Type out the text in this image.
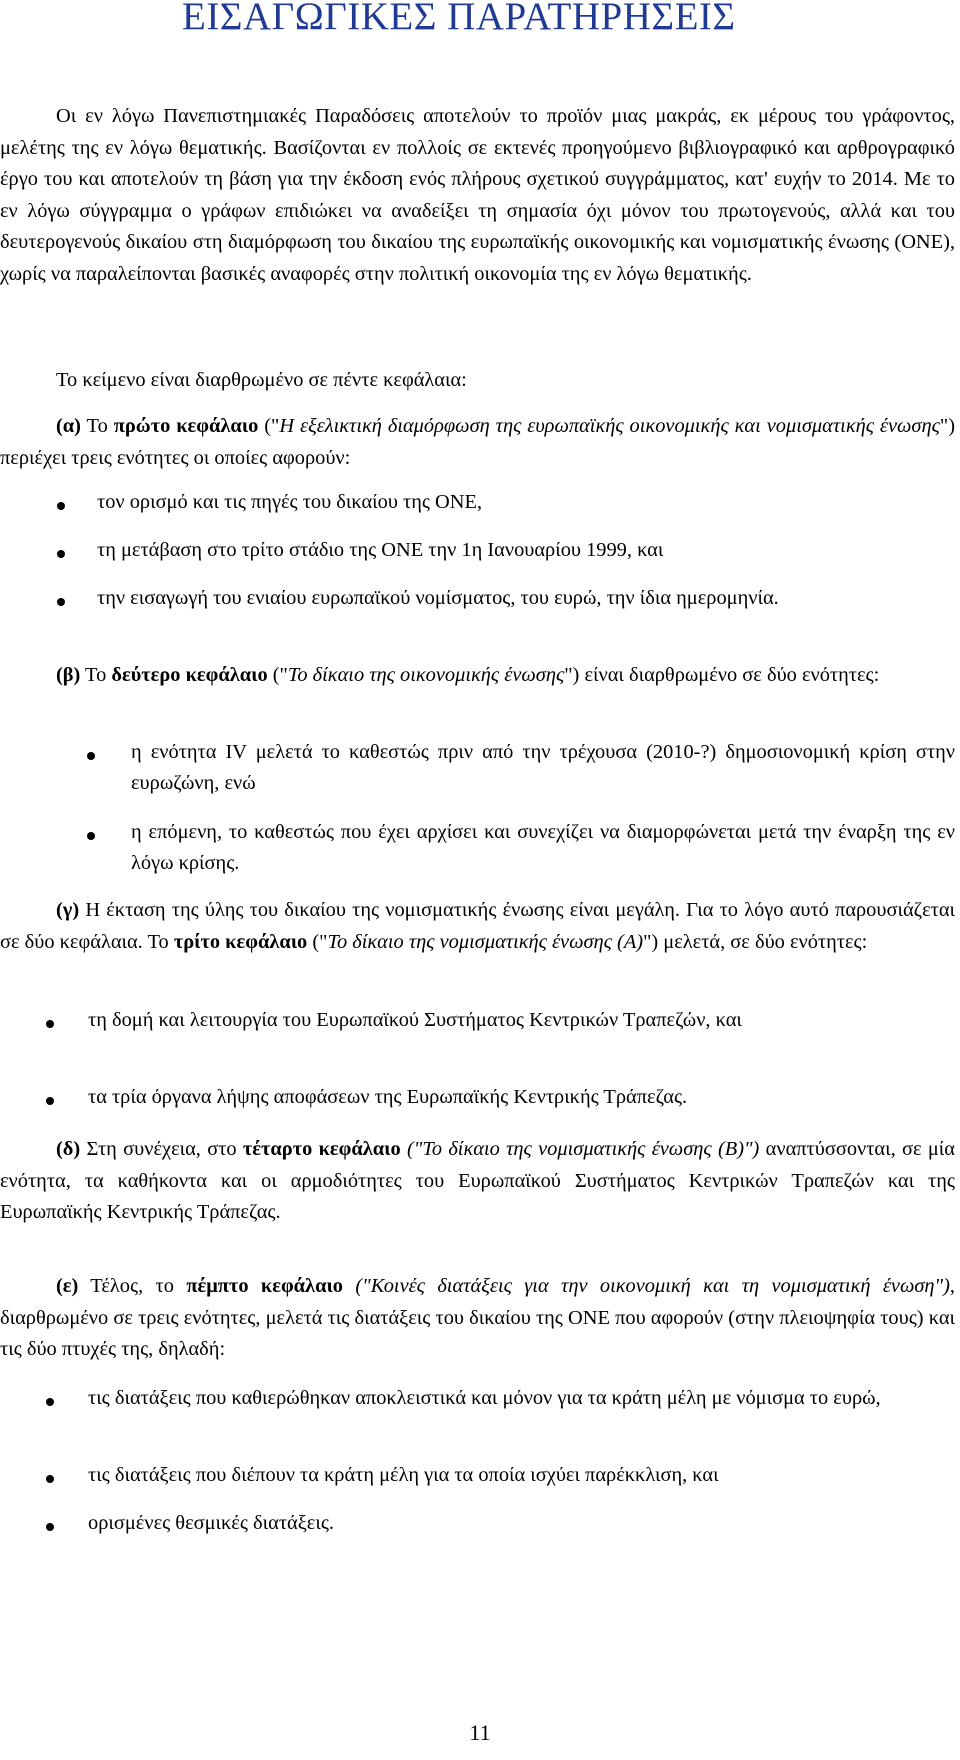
ΕΙΣΑΓΩΓΙΚΕΣ ΠΑΡΑΤΗΡΗΣΕΙΣ

Οι εν λόγω Πανεπιστημιακές Παραδόσεις αποτελούν το προϊόν μιας μακράς, εκ μέρους του γράφοντος, μελέτης της εν λόγω θεματικής. Βασίζονται εν πολλοίς σε εκτενές προηγούμενο βιβλιογραφικό και αρθρογραφικό έργο του και αποτελούν τη βάση για την έκδοση ενός πλήρους σχετικού συγγράμματος, κατ' ευχήν το 2014. Με το εν λόγω σύγγραμμα ο γράφων επιδιώκει να αναδείξει τη σημασία όχι μόνον του πρωτογενούς, αλλά και του δευτερογενούς δικαίου στη διαμόρφωση του δικαίου της ευρωπαϊκής οικονομικής και νομισματικής ένωσης (ΟΝΕ), χωρίς να παραλείπονται βασικές αναφορές στην πολιτική οικονομία της εν λόγω θεματικής.

Το κείμενο είναι διαρθρωμένο σε πέντε κεφάλαια:

(α) Το πρώτο κεφάλαιο ("Η εξελικτική διαμόρφωση της ευρωπαϊκής οικονομικής και νομισματικής ένωσης") περιέχει τρεις ενότητες οι οποίες αφορούν:

τον ορισμό και τις πηγές του δικαίου της ΟΝΕ,

τη μετάβαση στο τρίτο στάδιο της ΟΝΕ την 1η Ιανουαρίου 1999, και

την εισαγωγή του ενιαίου ευρωπαϊκού νομίσματος, του ευρώ, την ίδια ημερομηνία.

(β) Το δεύτερο κεφάλαιο ("Το δίκαιο της οικονομικής ένωσης") είναι διαρθρωμένο σε δύο ενότητες:

η ενότητα IV μελετά το καθεστώς πριν από την τρέχουσα (2010-?) δημοσιονομική κρίση στην ευρωζώνη, ενώ

η επόμενη, το καθεστώς που έχει αρχίσει και συνεχίζει να διαμορφώνεται μετά την έναρξη της εν λόγω κρίσης.

(γ) Η έκταση της ύλης του δικαίου της νομισματικής ένωσης είναι μεγάλη. Για το λόγο αυτό παρουσιάζεται σε δύο κεφάλαια. Το τρίτο κεφάλαιο ("Το δίκαιο της νομισματικής ένωσης (Α)") μελετά, σε δύο ενότητες:

τη δομή και λειτουργία του Ευρωπαϊκού Συστήματος Κεντρικών Τραπεζών, και

τα τρία όργανα λήψης αποφάσεων της Ευρωπαϊκής Κεντρικής Τράπεζας.

(δ) Στη συνέχεια, στο τέταρτο κεφάλαιο ("Το δίκαιο της νομισματικής ένωσης (Β)") αναπτύσσονται, σε μία ενότητα, τα καθήκοντα και οι αρμοδιότητες του Ευρωπαϊκού Συστήματος Κεντρικών Τραπεζών και της Ευρωπαϊκής Κεντρικής Τράπεζας.

(ε) Τέλος, το πέμπτο κεφάλαιο ("Κοινές διατάξεις για την οικονομική και τη νομισματική ένωση"), διαρθρωμένο σε τρεις ενότητες, μελετά τις διατάξεις του δικαίου της ΟΝΕ που αφορούν (στην πλειοψηφία τους) και τις δύο πτυχές της, δηλαδή:

τις διατάξεις που καθιερώθηκαν αποκλειστικά και μόνον για τα κράτη μέλη με νόμισμα το ευρώ,

τις διατάξεις που διέπουν τα κράτη μέλη για τα οποία ισχύει παρέκκλιση, και

ορισμένες θεσμικές διατάξεις.

11
